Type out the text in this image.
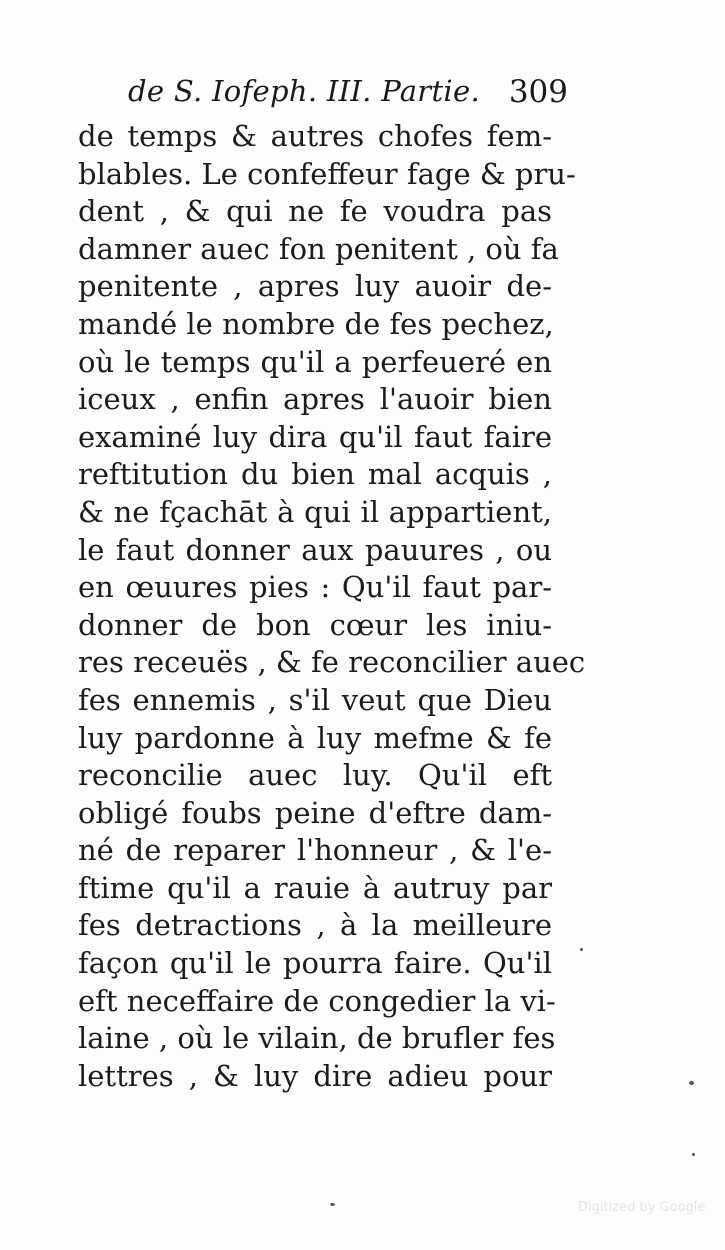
de S. Iofeph. III. Partie. 309
de temps & autres chofes fem-
blables. Le confeffeur fage & pru-
dent , & qui ne fe voudra pas
damner auec fon penitent , où fa
penitente , apres luy auoir de-
mandé le nombre de fes pechez,
où le temps qu'il a perfeueré en
iceux , enfin apres l'auoir bien
examiné luy dira qu'il faut faire
reftitution du bien mal acquis ,
& ne fçachāt à qui il appartient,
le faut donner aux pauures , ou
en œuures pies : Qu'il faut par-
donner de bon cœur les iniu-
res receuës , & fe reconcilier auec
fes ennemis , s'il veut que Dieu
luy pardonne à luy mefme & fe
reconcilie auec luy. Qu'il eft
obligé foubs peine d'eftre dam-
né de reparer l'honneur , & l'e-
ftime qu'il a rauie à autruy par
fes detractions , à la meilleure
façon qu'il le pourra faire. Qu'il
eft neceffaire de congedier la vi-
laine , où le vilain, de brufler fes
lettres , & luy dire adieu pour
Digitized by Google
